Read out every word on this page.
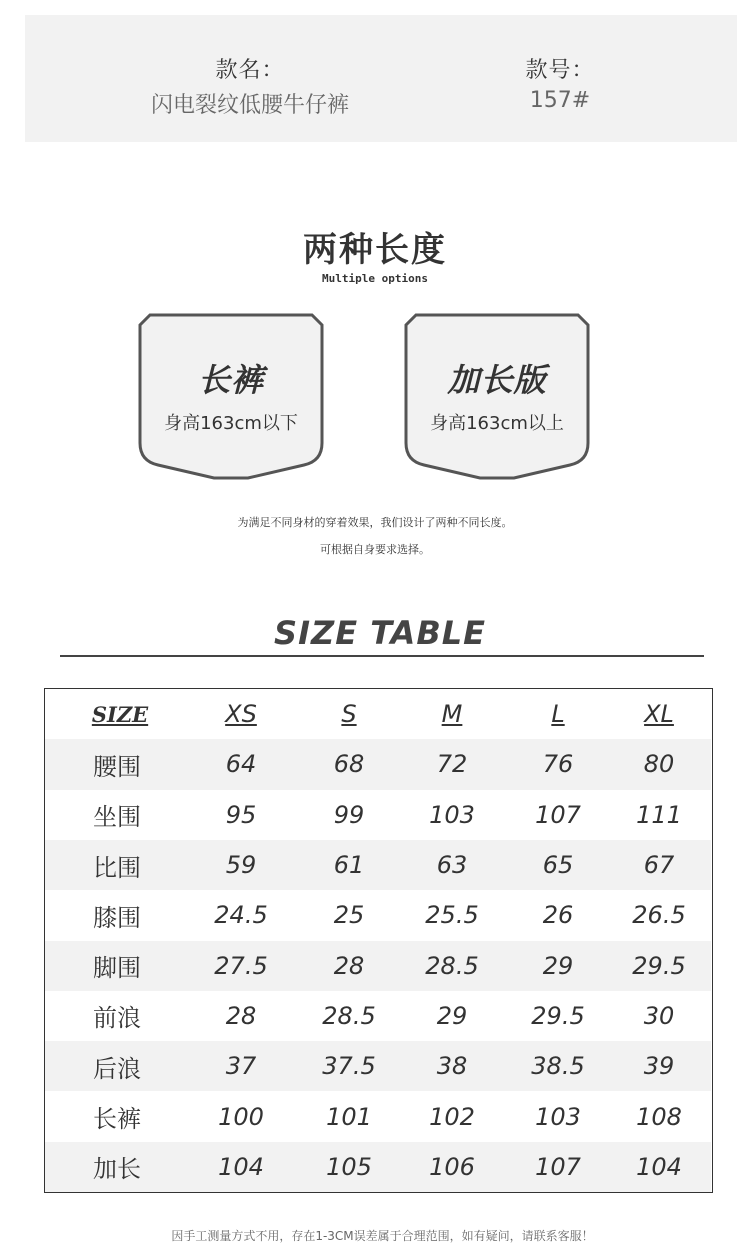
款名：
闪电裂纹低腰牛仔裤
款号：
157#
两种长度
Multiple options
长裤
身高163cm以下
加长版
身高163cm以上
为满足不同身材的穿着效果，我们设计了两种不同长度。
可根据自身要求选择。
SIZE TABLE
SIZE	XS	S	M	L	XL
腰围	64	68	72	76	80
坐围	95	99	103	107	111
比围	59	61	63	65	67
膝围	24.5	25	25.5	26	26.5
脚围	27.5	28	28.5	29	29.5
前浪	28	28.5	29	29.5	30
后浪	37	37.5	38	38.5	39
长裤	100	101	102	103	108
加长	104	105	106	107	104
因手工测量方式不用，存在1-3CM误差属于合理范围，如有疑问，请联系客服！
